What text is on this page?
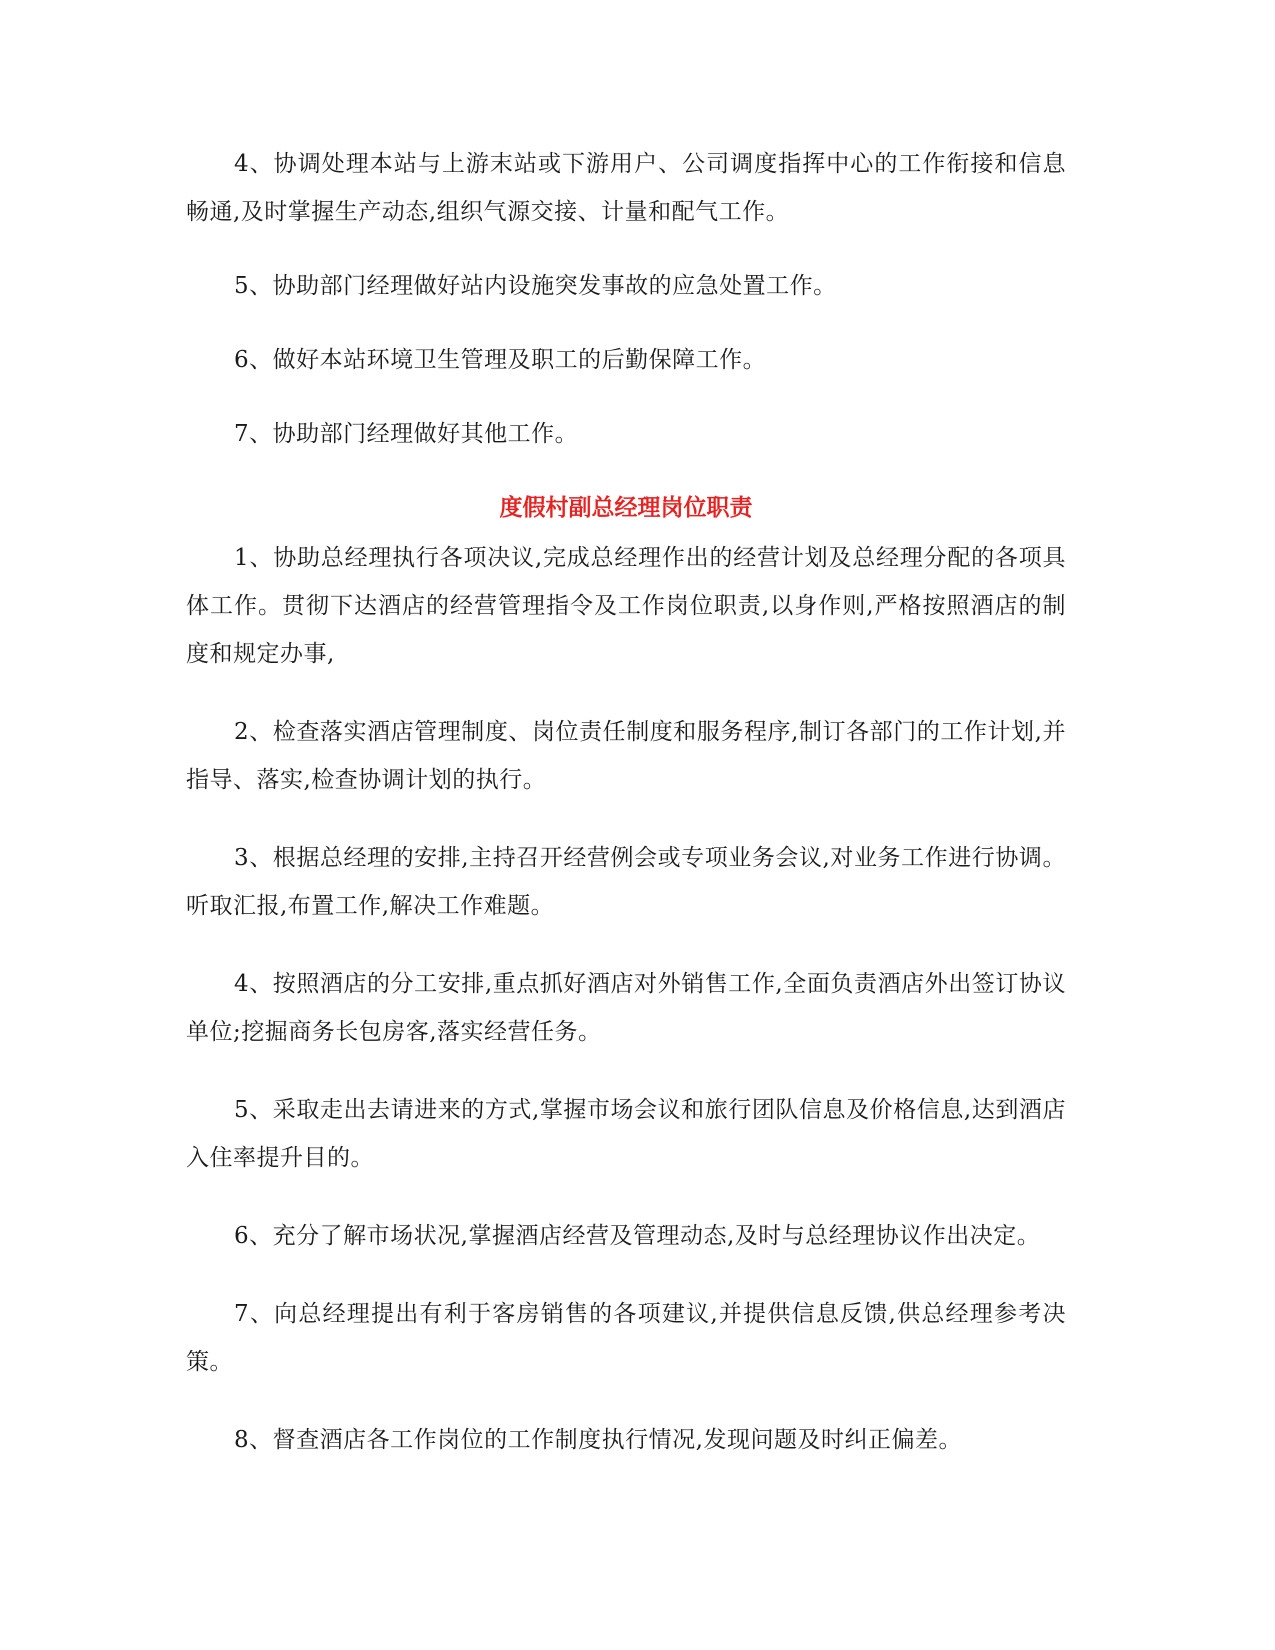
4、协调处理本站与上游末站或下游用户、公司调度指挥中心的工作衔接和信息畅通,及时掌握生产动态,组织气源交接、计量和配气工作。

5、协助部门经理做好站内设施突发事故的应急处置工作。

6、做好本站环境卫生管理及职工的后勤保障工作。

7、协助部门经理做好其他工作。

度假村副总经理岗位职责

1、协助总经理执行各项决议,完成总经理作出的经营计划及总经理分配的各项具体工作。贯彻下达酒店的经营管理指令及工作岗位职责,以身作则,严格按照酒店的制度和规定办事,

2、检查落实酒店管理制度、岗位责任制度和服务程序,制订各部门的工作计划,并指导、落实,检查协调计划的执行。

3、根据总经理的安排,主持召开经营例会或专项业务会议,对业务工作进行协调。听取汇报,布置工作,解决工作难题。

4、按照酒店的分工安排,重点抓好酒店对外销售工作,全面负责酒店外出签订协议单位;挖掘商务长包房客,落实经营任务。

5、采取走出去请进来的方式,掌握市场会议和旅行团队信息及价格信息,达到酒店入住率提升目的。

6、充分了解市场状况,掌握酒店经营及管理动态,及时与总经理协议作出决定。

7、向总经理提出有利于客房销售的各项建议,并提供信息反馈,供总经理参考决策。

8、督查酒店各工作岗位的工作制度执行情况,发现问题及时纠正偏差。
